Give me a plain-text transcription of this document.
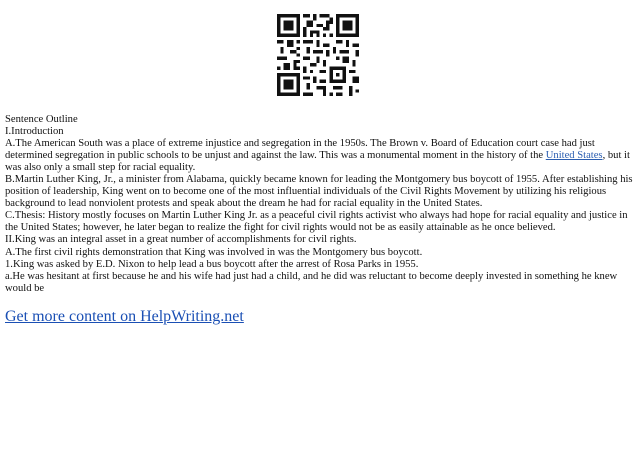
Sentence Outline

I.Introduction

A.The American South was a place of extreme injustice and segregation in the 1950s. The Brown v. Board of Education court case had just determined segregation in public schools to be unjust and against the law. This was a monumental moment in the history of the United States, but it was also only a small step for racial equality.

B.Martin Luther King, Jr., a minister from Alabama, quickly became known for leading the Montgomery bus boycott of 1955. After establishing his position of leadership, King went on to become one of the most influential individuals of the Civil Rights Movement by utilizing his religious background to lead nonviolent protests and speak about the dream he had for racial equality in the United States.

C.Thesis: History mostly focuses on Martin Luther King Jr. as a peaceful civil rights activist who always had hope for racial equality and justice in the United States; however, he later began to realize the fight for civil rights would not be as easily attainable as he once believed.

II.King was an integral asset in a great number of accomplishments for civil rights.

A.The first civil rights demonstration that King was involved in was the Montgomery bus boycott.

1.King was asked by E.D. Nixon to help lead a bus boycott after the arrest of Rosa Parks in 1955.

a.He was hesitant at first because he and his wife had just had a child, and he did was reluctant to become deeply invested in something he knew would be

Get more content on HelpWriting.net
